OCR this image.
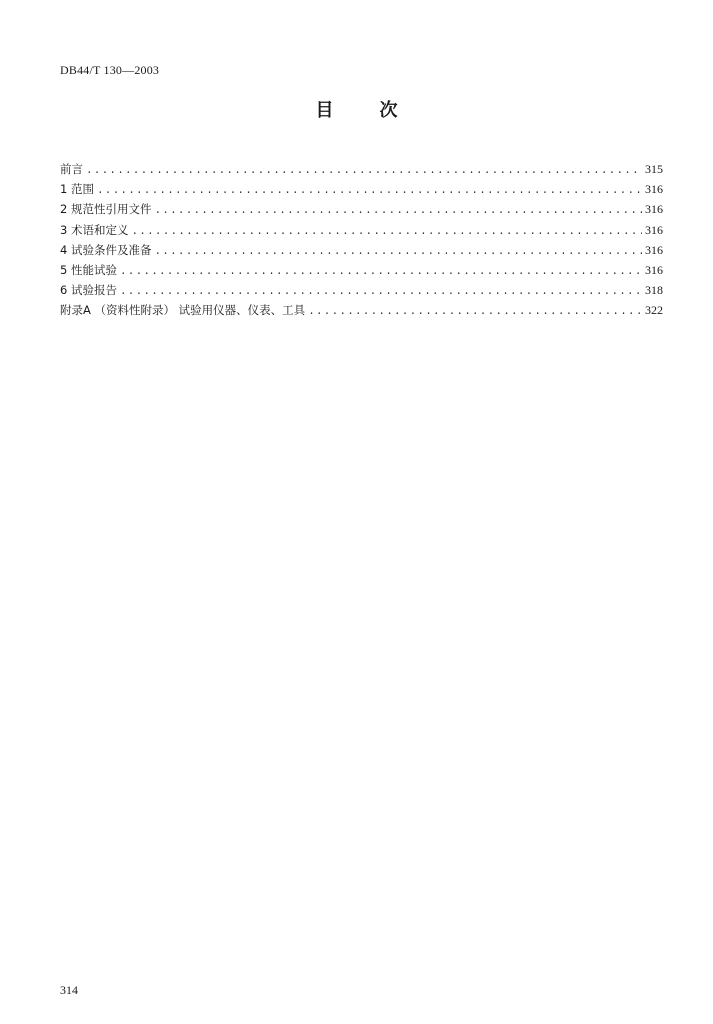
DB44/T 130—2003
目	次
前言 .....	315
1 范围 .....	316
2 规范性引用文件 .....	316
3 术语和定义 .....	316
4 试验条件及准备 .....	316
5 性能试验 .....	316
6 试验报告 .....	318
附录A （资料性附录） 试验用仪器、仪表、工具 .....	322
314
